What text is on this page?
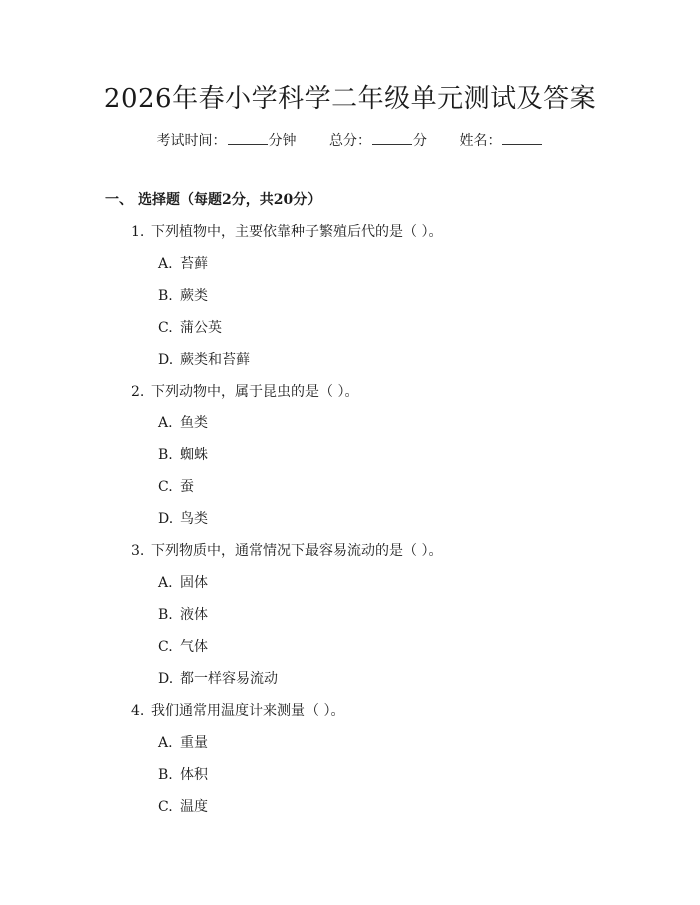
2026年春小学科学二年级单元测试及答案
考试时间：	分钟 总分：	分 姓名：
一、 选择题（每题2分，共20分）
1. 下列植物中，主要依靠种子繁殖后代的是（ ）。
A. 苔藓
B. 蕨类
C. 蒲公英
D. 蕨类和苔藓
2. 下列动物中，属于昆虫的是（ ）。
A. 鱼类
B. 蜘蛛
C. 蚕
D. 鸟类
3. 下列物质中，通常情况下最容易流动的是（ ）。
A. 固体
B. 液体
C. 气体
D. 都一样容易流动
4. 我们通常用温度计来测量（ ）。
A. 重量
B. 体积
C. 温度
